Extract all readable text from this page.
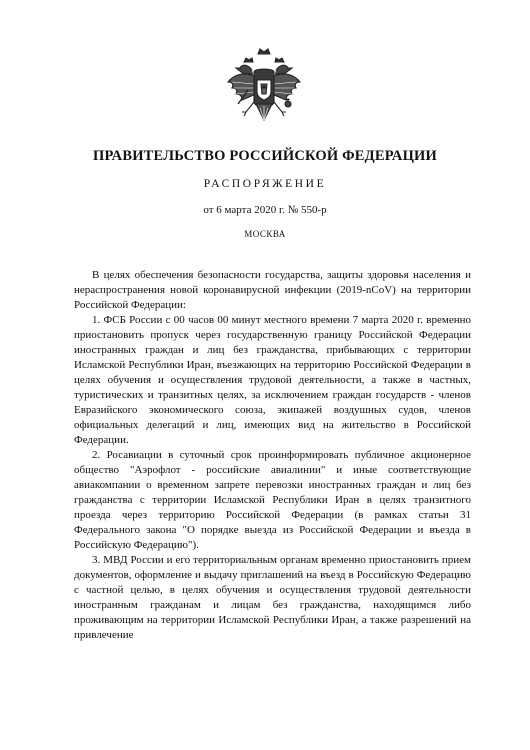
ПРАВИТЕЛЬСТВО РОССИЙСКОЙ ФЕДЕРАЦИИ
РАСПОРЯЖЕНИЕ
от 6 марта 2020 г. № 550-р
МОСКВА

В целях обеспечения безопасности государства, защиты здоровья населения и нераспространения новой коронавирусной инфекции (2019-nCoV) на территории Российской Федерации:

1. ФСБ России с 00 часов 00 минут местного времени 7 марта 2020 г. временно приостановить пропуск через государственную границу Российской Федерации иностранных граждан и лиц без гражданства, прибывающих с территории Исламской Республики Иран, въезжающих на территорию Российской Федерации в целях обучения и осуществления трудовой деятельности, а также в частных, туристических и транзитных целях, за исключением граждан государств - членов Евразийского экономического союза, экипажей воздушных судов, членов официальных делегаций и лиц, имеющих вид на жительство в Российской Федерации.

2. Росавиации в суточный срок проинформировать публичное акционерное общество "Аэрофлот - российские авиалинии" и иные соответствующие авиакомпании о временном запрете перевозки иностранных граждан и лиц без гражданства с территории Исламской Республики Иран в целях транзитного проезда через территорию Российской Федерации (в рамках статьи 31 Федерального закона "О порядке выезда из Российской Федерации и въезда в Российскую Федерацию").

3. МВД России и его территориальным органам временно приостановить прием документов, оформление и выдачу приглашений на въезд в Российскую Федерацию с частной целью, в целях обучения и осуществления трудовой деятельности иностранным гражданам и лицам без гражданства, находящимся либо проживающим на территории Исламской Республики Иран, а также разрешений на привлечение
